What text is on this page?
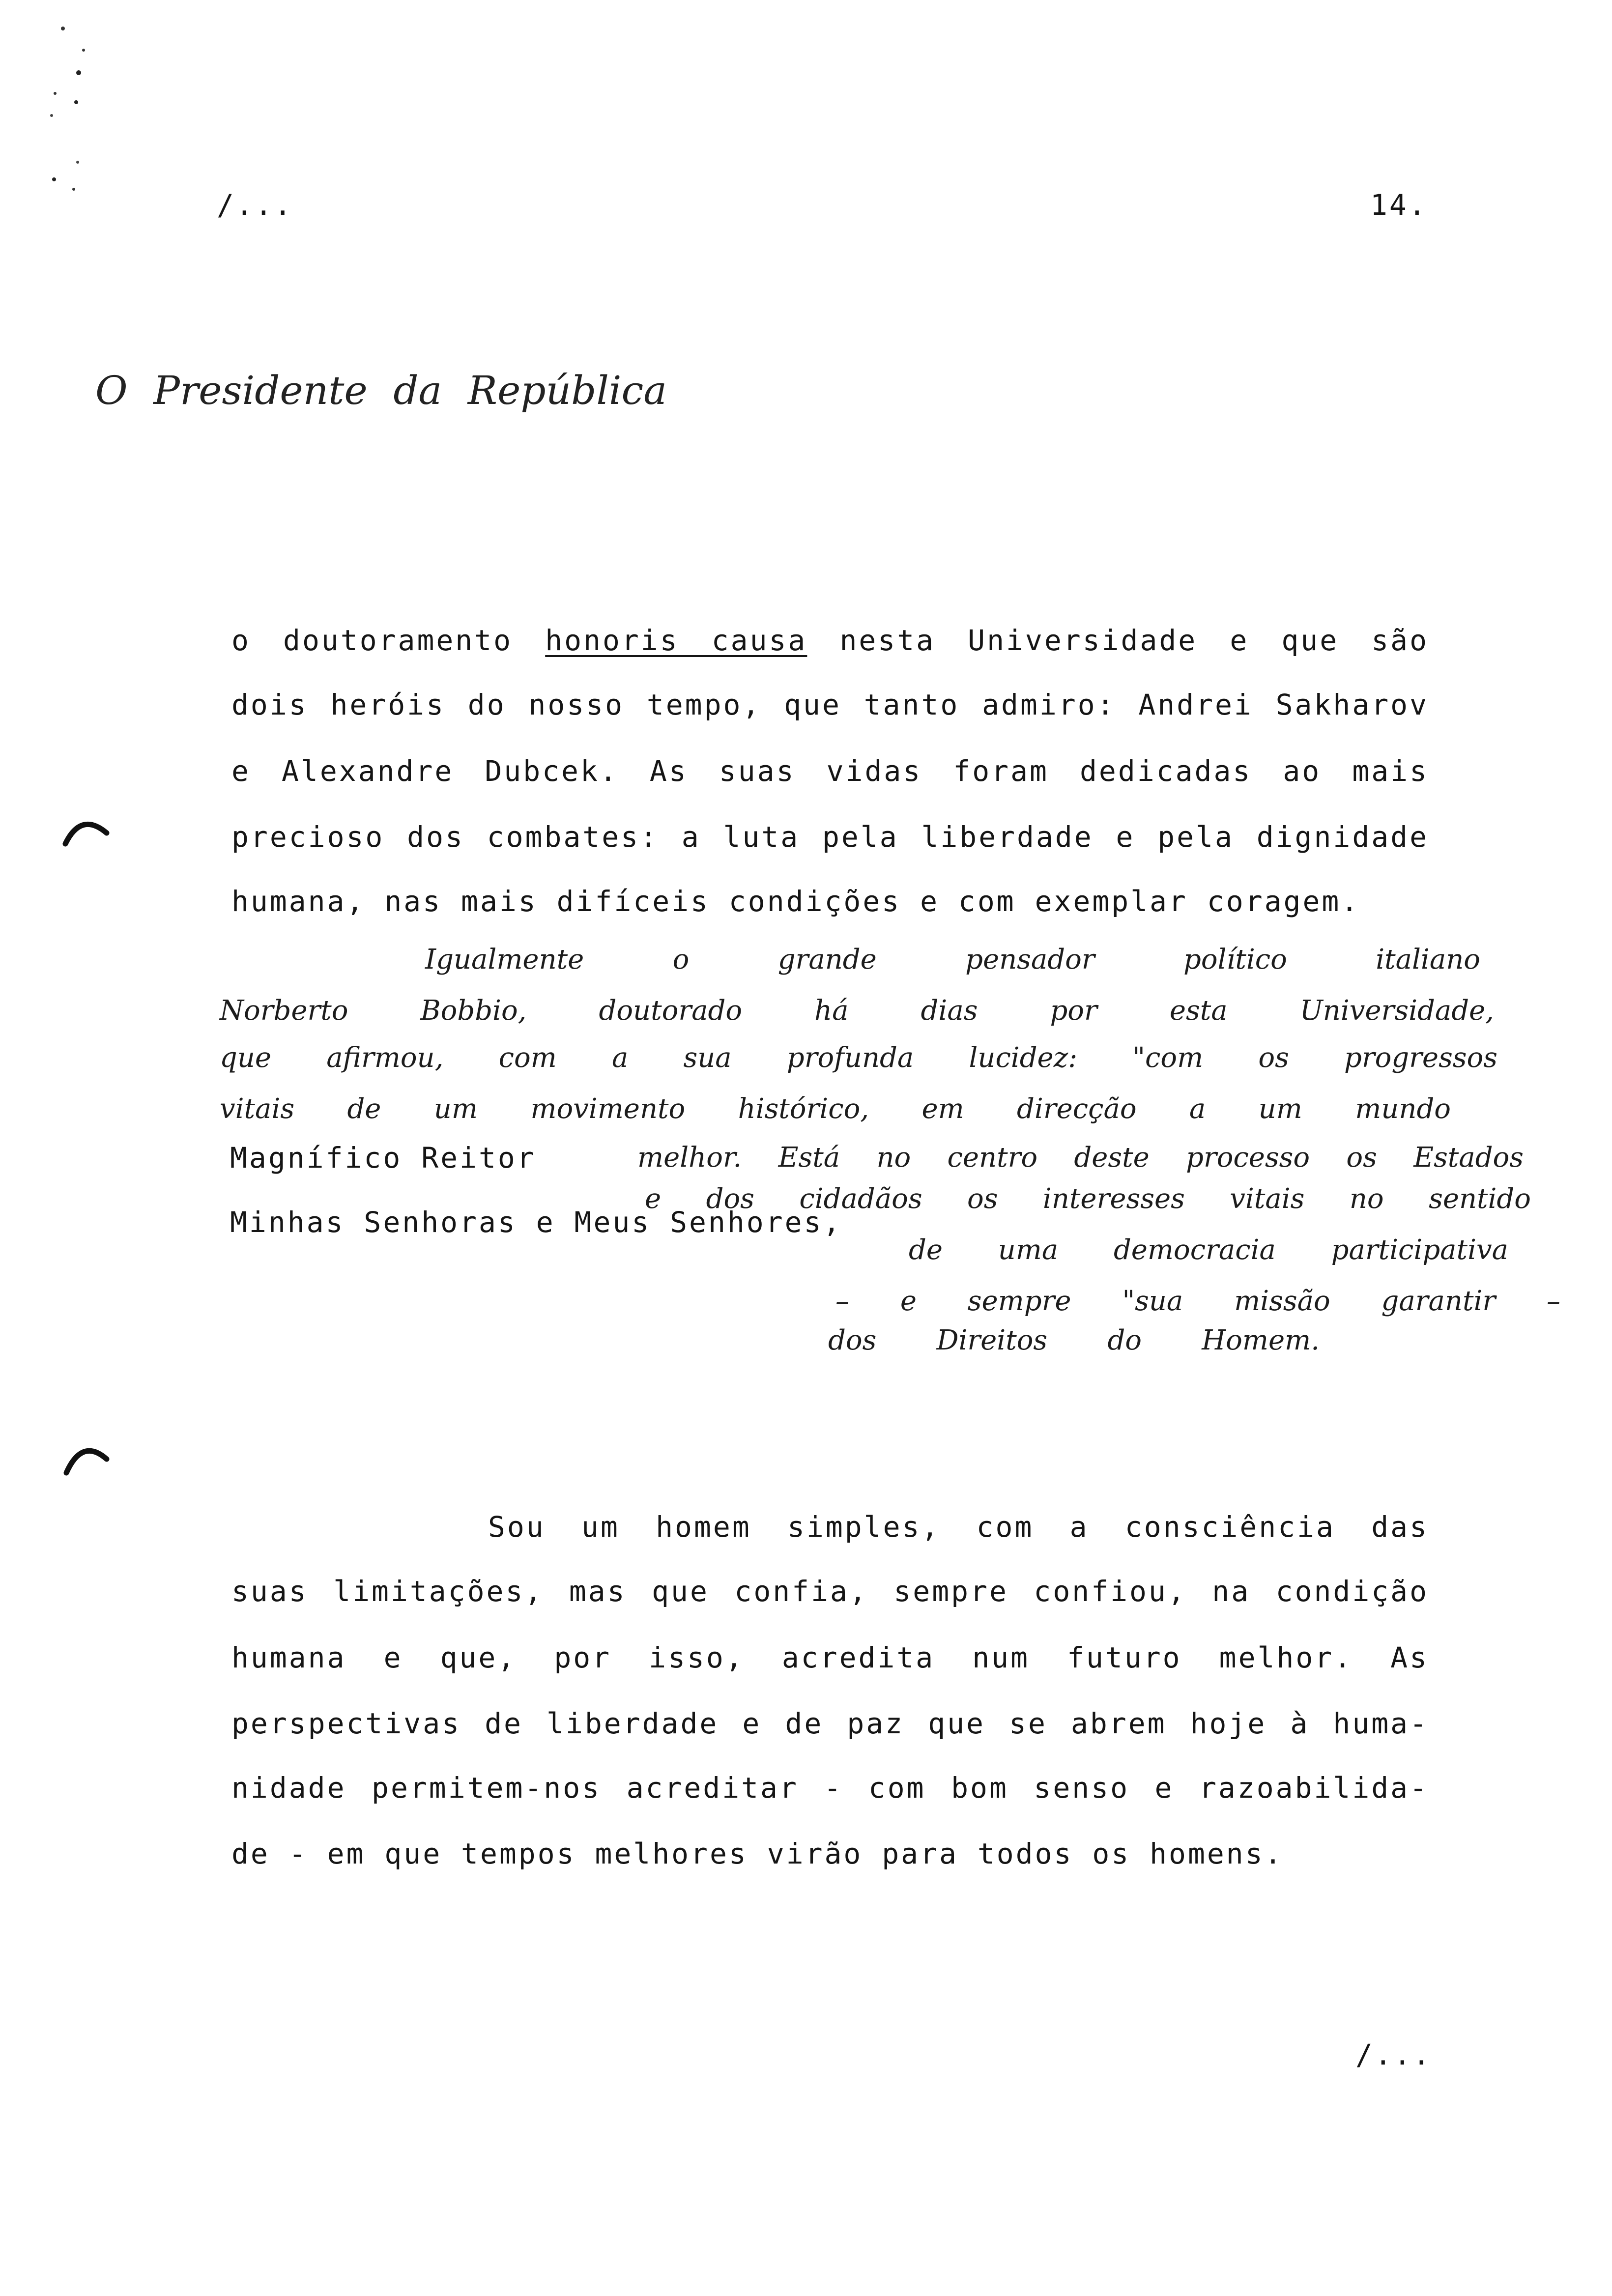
/...	14.
O Presidente da República
o doutoramento honoris causa nesta Universidade e que são
dois heróis do nosso tempo, que tanto admiro: Andrei Sakharov
e Alexandre Dubcek. As suas vidas foram dedicadas ao mais
precioso dos combates: a luta pela liberdade e pela dignidade
humana, nas mais difíceis condições e com exemplar coragem.
Igualmente o grande pensador político italiano
Norberto Bobbio, doutorado há dias por esta Universidade,
que afirmou, com a sua profunda lucidez: "com os progressos
vitais de um movimento histórico, em direcção a um mundo
melhor. Está no centro deste processo os Estados
e dos cidadãos os interesses vitais no sentido
de uma democracia participativa
– e sempre "sua missão garantir –
dos Direitos do Homem.
Magnífico Reitor
Minhas Senhoras e Meus Senhores,
Sou um homem simples, com a consciência das
suas limitações, mas que confia, sempre confiou, na condição
humana e que, por isso, acredita num futuro melhor. As
perspectivas de liberdade e de paz que se abrem hoje à huma-
nidade permitem-nos acreditar - com bom senso e razoabilida-
de - em que tempos melhores virão para todos os homens.
/...
